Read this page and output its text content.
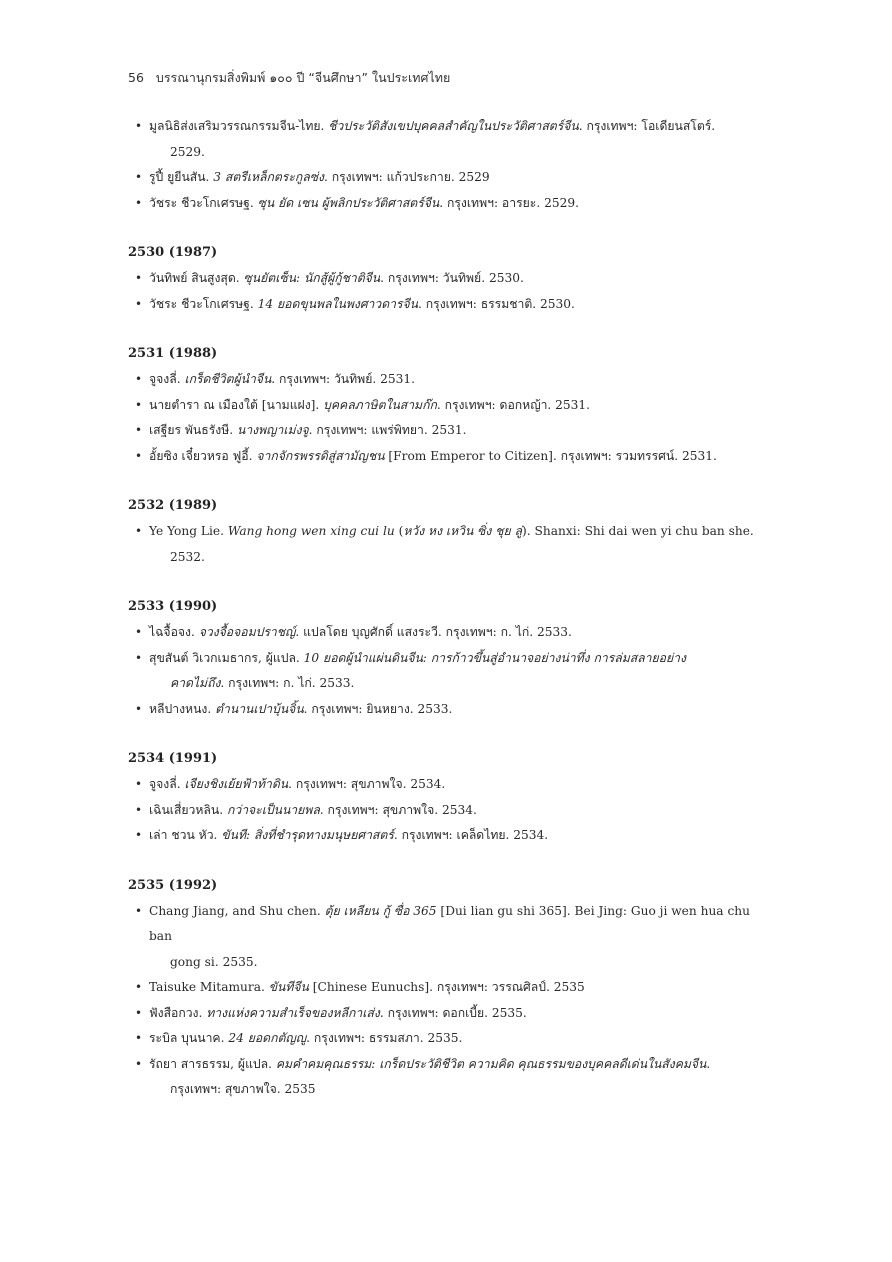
56 บรรณานุกรมสิ่งพิมพ์ ๑๐๐ ปี “จีนศึกษา” ในประเทศไทย
• มูลนิธิส่งเสริมวรรณกรรมจีน-ไทย. ชีวประวัติสังเขปบุคคลสำคัญในประวัติศาสตร์จีน. กรุงเทพฯ: โอเดียนสโตร์.
2529.
• รูปี้ ยูยีนสัน. 3 สตรีเหล็กตระกูลซ่ง. กรุงเทพฯ: แก้วประกาย. 2529
• วัชระ ชีวะโกเศรษฐ. ซุน ยัด เซน ผู้พลิกประวัติศาสตร์จีน. กรุงเทพฯ: อารยะ. 2529.
2530 (1987)
• วันทิพย์ สินสูงสุด. ซุนยัตเซ็น: นักสู้ผู้กู้ชาติจีน. กรุงเทพฯ: วันทิพย์. 2530.
• วัชระ ชีวะโกเศรษฐ. 14 ยอดขุนพลในพงศาวดารจีน. กรุงเทพฯ: ธรรมชาติ. 2530.
2531 (1988)
• จูจงลี่. เกร็ดชีวิตผู้นำจีน. กรุงเทพฯ: วันทิพย์. 2531.
• นายตำรา ณ เมืองใต้ [นามแฝง]. บุคคลภาษิตในสามก๊ก. กรุงเทพฯ: ดอกหญ้า. 2531.
• เสฐียร พันธรังษี. นางพญาเม่งจู. กรุงเทพฯ: แพร่พิทยา. 2531.
• อั้ยซิง เจี๋ยวหรอ ฟูอี้. จากจักรพรรดิสู่สามัญชน [From Emperor to Citizen]. กรุงเทพฯ: รวมทรรศน์. 2531.
2532 (1989)
• Ye Yong Lie. Wang hong wen xing cui lu (หวัง หง เหวิน ซิ่ง ชุย ลู่). Shanxi: Shi dai wen yi chu ban she.
2532.
2533 (1990)
• ไฉจื้อจง. จวงจื้อจอมปราชญ์. แปลโดย บุญศักดิ์ แสงระวี. กรุงเทพฯ: ก. ไก่. 2533.
• สุขสันต์ วิเวกเมธากร, ผู้แปล. 10 ยอดผู้นำแผ่นดินจีน: การก้าวขึ้นสู่อำนาจอย่างน่าทึ่ง การล่มสลายอย่าง
คาดไม่ถึง. กรุงเทพฯ: ก. ไก่. 2533.
• หลีปางหนง. ตำนานเปาบุ้นจิ้น. กรุงเทพฯ: ยินหยาง. 2533.
2534 (1991)
• จูจงลี่. เจียงชิงเย้ยฟ้าท้าดิน. กรุงเทพฯ: สุขภาพใจ. 2534.
• เฉินเสี่ยวหลิน. กว่าจะเป็นนายพล. กรุงเทพฯ: สุขภาพใจ. 2534.
• เล่า ชวน หัว. ขันที: สิ่งที่ชำรุดทางมนุษยศาสตร์. กรุงเทพฯ: เคล็ดไทย. 2534.
2535 (1992)
• Chang Jiang, and Shu chen. ตุ้ย เหลียน กู้ ซื่อ 365 [Dui lian gu shi 365]. Bei Jing: Guo ji wen hua chu ban
gong si. 2535.
• Taisuke Mitamura. ขันทีจีน [Chinese Eunuchs]. กรุงเทพฯ: วรรณศิลป์. 2535
• ฟังสือกวง. ทางแห่งความสำเร็จของหลีกาเส่ง. กรุงเทพฯ: ดอกเบี้ย. 2535.
• ระบิล บุนนาค. 24 ยอดกตัญญู. กรุงเทพฯ: ธรรมสภา. 2535.
• รัถยา สารธรรม, ผู้แปล. คมคำคมคุณธรรม: เกร็ดประวัติชีวิต ความคิด คุณธรรมของบุคคลดีเด่นในสังคมจีน.
กรุงเทพฯ: สุขภาพใจ. 2535
